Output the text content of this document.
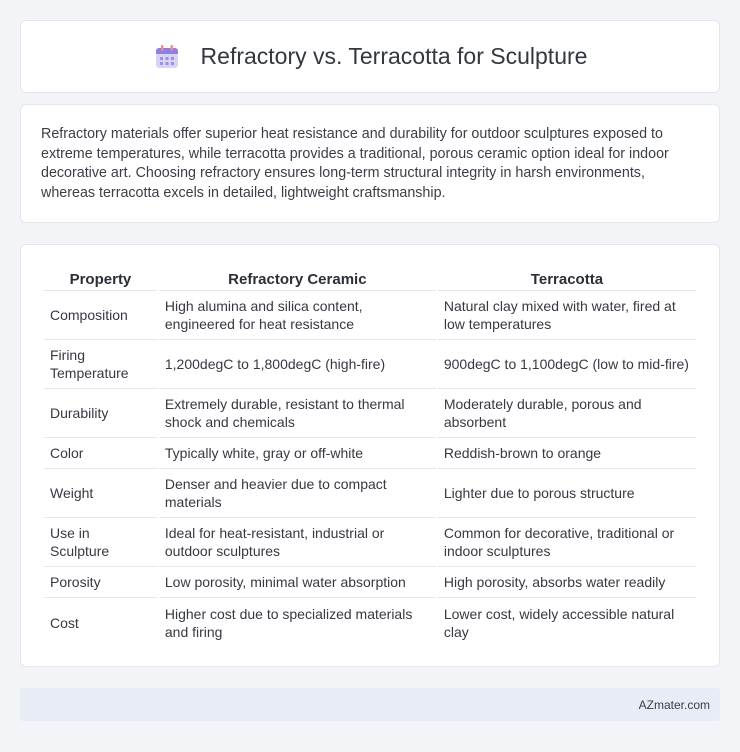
Refractory vs. Terracotta for Sculpture

Refractory materials offer superior heat resistance and durability for outdoor sculptures exposed to extreme temperatures, while terracotta provides a traditional, porous ceramic option ideal for indoor decorative art. Choosing refractory ensures long-term structural integrity in harsh environments, whereas terracotta excels in detailed, lightweight craftsmanship.

Property	Refractory Ceramic	Terracotta
Composition	High alumina and silica content, engineered for heat resistance	Natural clay mixed with water, fired at low temperatures
Firing Temperature	1,200degC to 1,800degC (high-fire)	900degC to 1,100degC (low to mid-fire)
Durability	Extremely durable, resistant to thermal shock and chemicals	Moderately durable, porous and absorbent
Color	Typically white, gray or off-white	Reddish-brown to orange
Weight	Denser and heavier due to compact materials	Lighter due to porous structure
Use in Sculpture	Ideal for heat-resistant, industrial or outdoor sculptures	Common for decorative, traditional or indoor sculptures
Porosity	Low porosity, minimal water absorption	High porosity, absorbs water readily
Cost	Higher cost due to specialized materials and firing	Lower cost, widely accessible natural clay
AZmater.com
